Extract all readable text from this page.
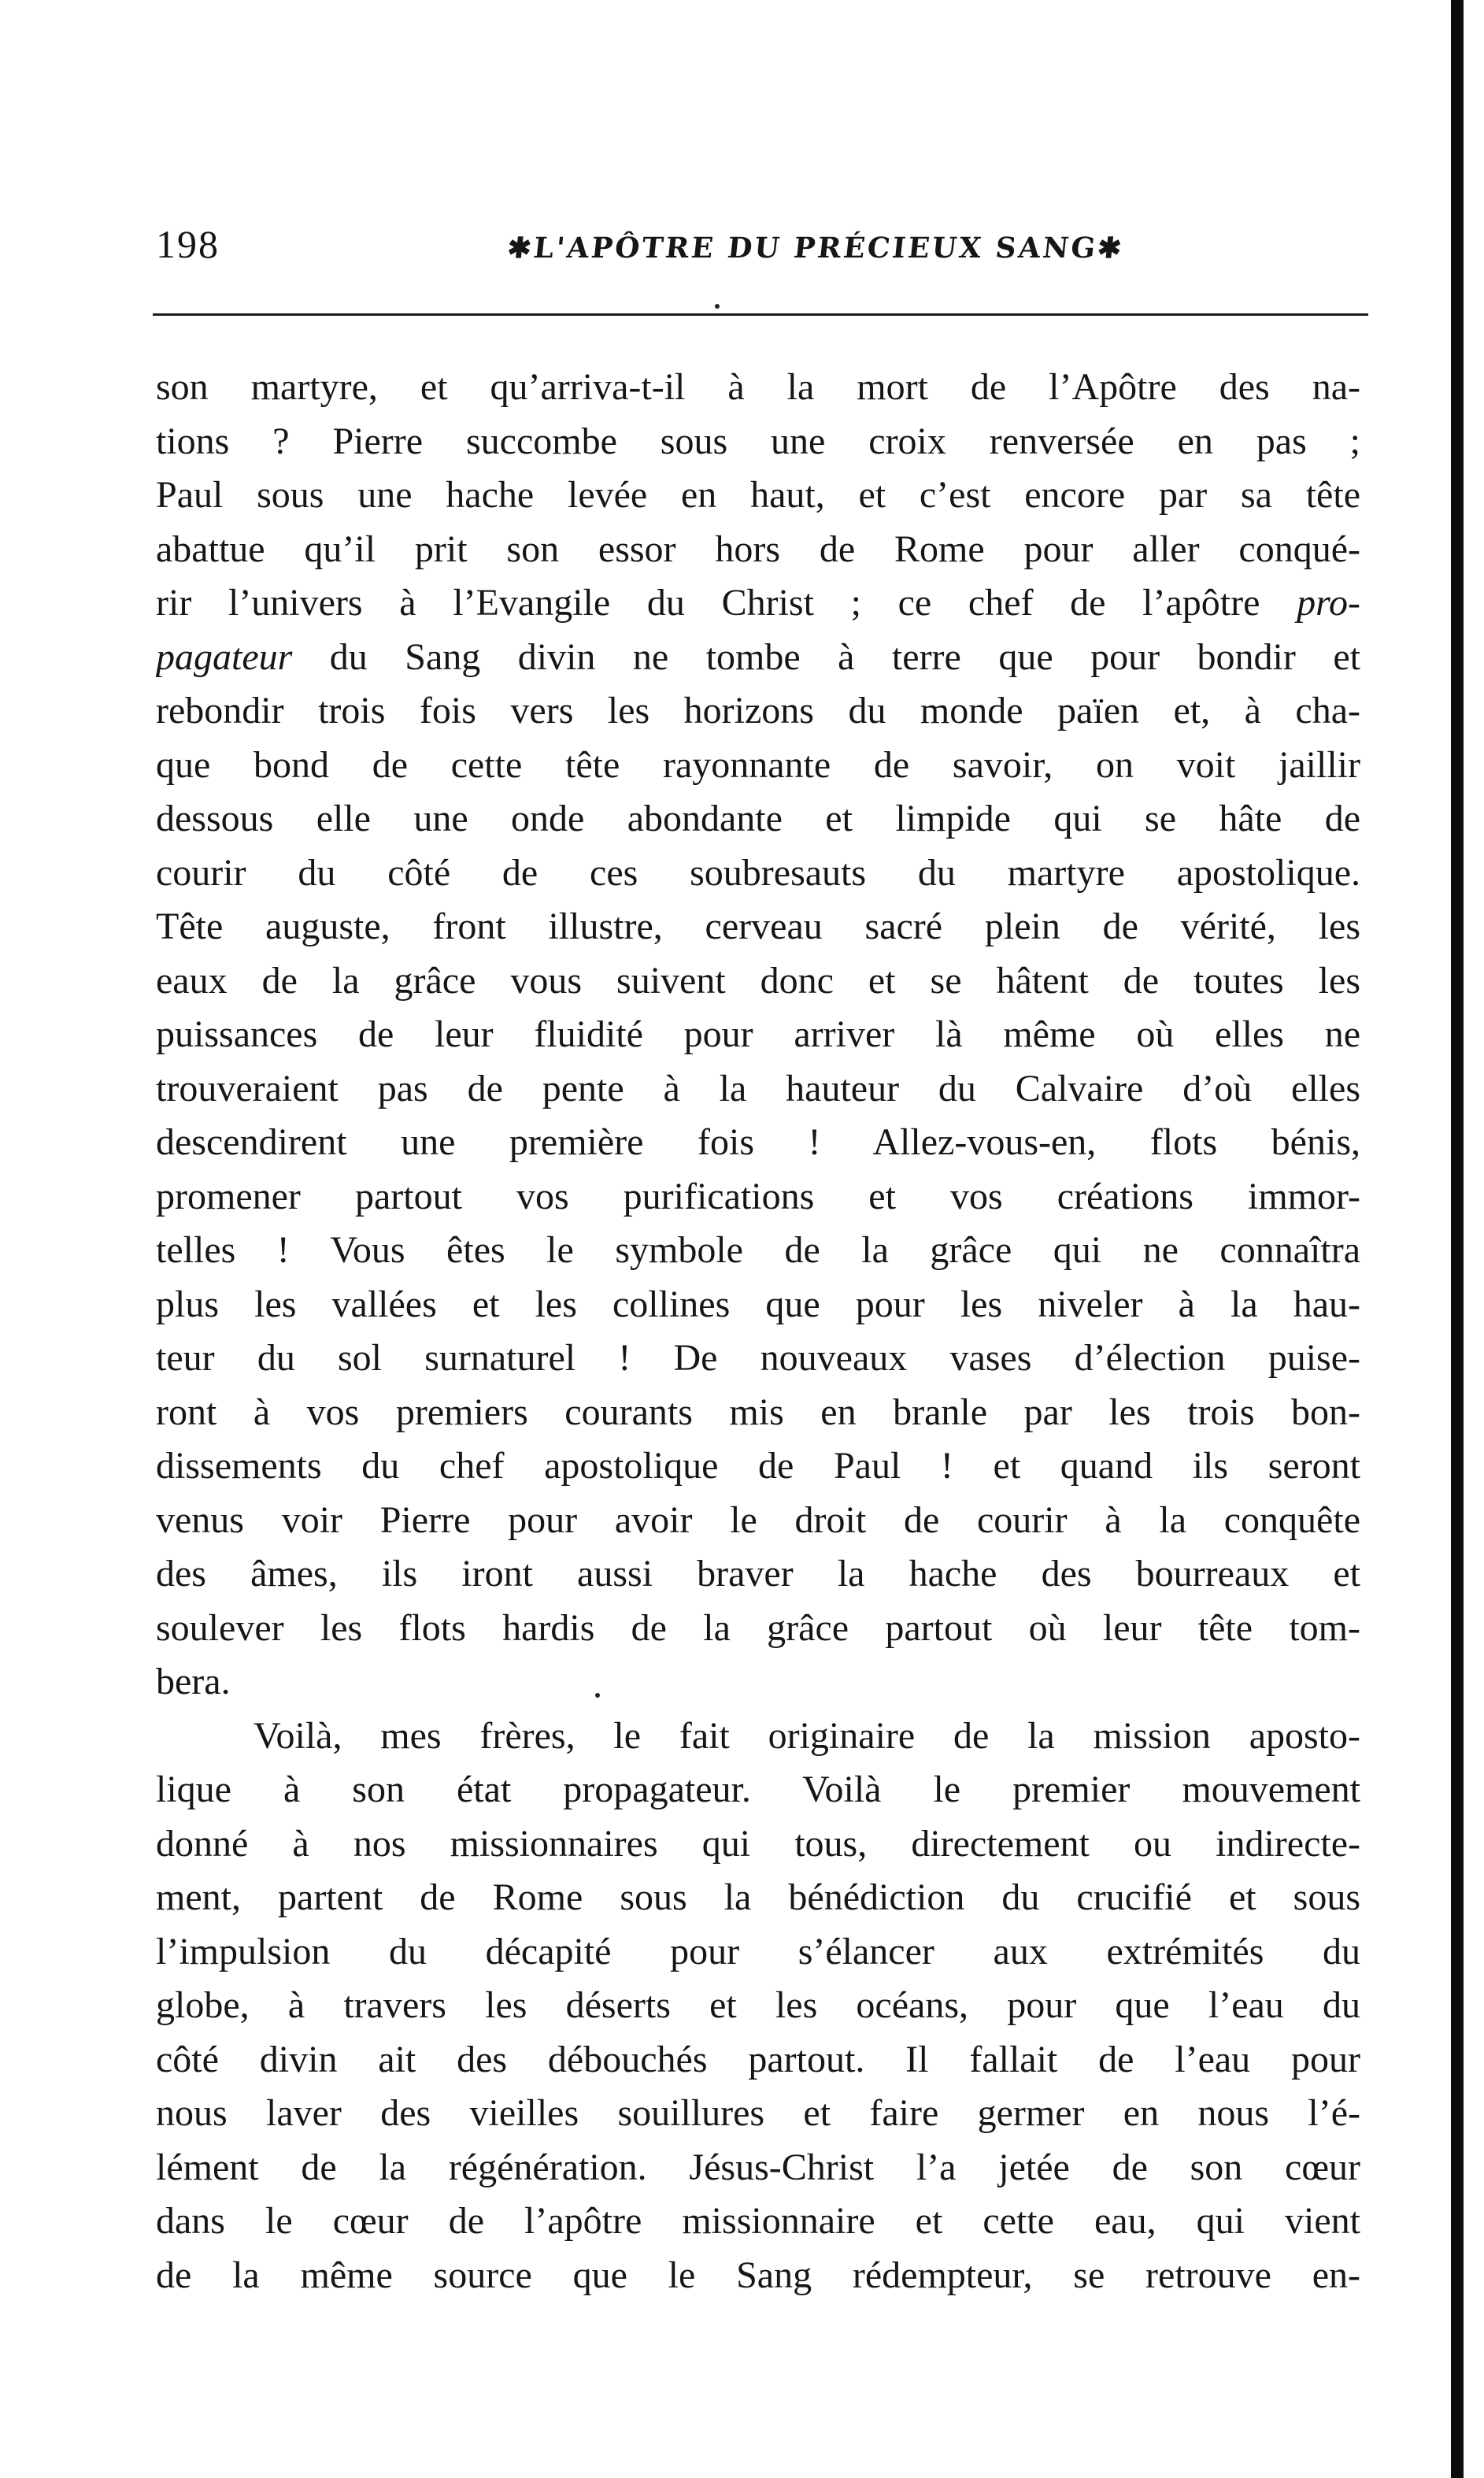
198	✱L'APÔTRE DU PRÉCIEUX SANG✱
son martyre, et qu’arriva-t-il à la mort de l’Apôtre des na-
tions ? Pierre succombe sous une croix renversée en pas ;
Paul sous une hache levée en haut, et c’est encore par sa tête
abattue qu’il prit son essor hors de Rome pour aller conqué-
rir l’univers à l’Evangile du Christ ; ce chef de l’apôtre pro-
pagateur du Sang divin ne tombe à terre que pour bondir et
rebondir trois fois vers les horizons du monde païen et, à cha-
que bond de cette tête rayonnante de savoir, on voit jaillir
dessous elle une onde abondante et limpide qui se hâte de
courir du côté de ces soubresauts du martyre apostolique.
Tête auguste, front illustre, cerveau sacré plein de vérité, les
eaux de la grâce vous suivent donc et se hâtent de toutes les
puissances de leur fluidité pour arriver là même où elles ne
trouveraient pas de pente à la hauteur du Calvaire d’où elles
descendirent une première fois ! Allez-vous-en, flots bénis,
promener partout vos purifications et vos créations immor-
telles ! Vous êtes le symbole de la grâce qui ne connaîtra
plus les vallées et les collines que pour les niveler à la hau-
teur du sol surnaturel ! De nouveaux vases d’élection puise-
ront à vos premiers courants mis en branle par les trois bon-
dissements du chef apostolique de Paul ! et quand ils seront
venus voir Pierre pour avoir le droit de courir à la conquête
des âmes, ils iront aussi braver la hache des bourreaux et
soulever les flots hardis de la grâce partout où leur tête tom-
bera.
Voilà, mes frères, le fait originaire de la mission aposto-
lique à son état propagateur. Voilà le premier mouvement
donné à nos missionnaires qui tous, directement ou indirecte-
ment, partent de Rome sous la bénédiction du crucifié et sous
l’impulsion du décapité pour s’élancer aux extrémités du
globe, à travers les déserts et les océans, pour que l’eau du
côté divin ait des débouchés partout. Il fallait de l’eau pour
nous laver des vieilles souillures et faire germer en nous l’é-
lément de la régénération. Jésus-Christ l’a jetée de son cœur
dans le cœur de l’apôtre missionnaire et cette eau, qui vient
de la même source que le Sang rédempteur, se retrouve en-
